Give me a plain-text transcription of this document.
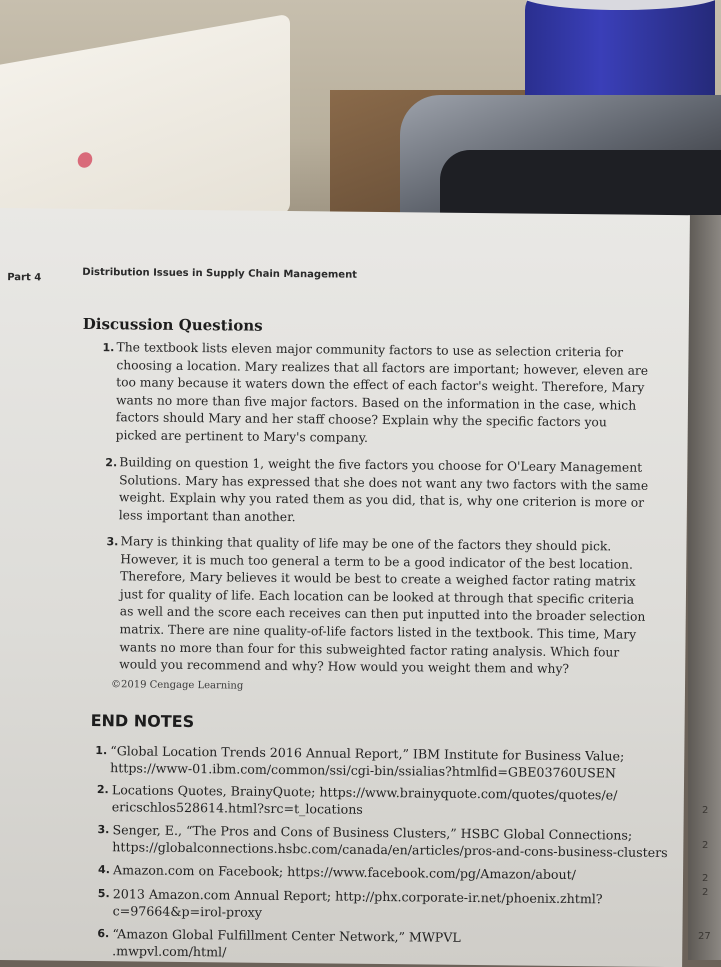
2
2
2
2
27
Part 4	Distribution Issues in Supply Chain Management
Discussion Questions
1. The textbook lists eleven major community factors to use as selection criteria for
choosing a location. Mary realizes that all factors are important; however, eleven are
too many because it waters down the effect of each factor's weight. Therefore, Mary
wants no more than five major factors. Based on the information in the case, which
factors should Mary and her staff choose? Explain why the specific factors you
picked are pertinent to Mary's company.
2. Building on question 1, weight the five factors you choose for O'Leary Management
Solutions. Mary has expressed that she does not want any two factors with the same
weight. Explain why you rated them as you did, that is, why one criterion is more or
less important than another.
3. Mary is thinking that quality of life may be one of the factors they should pick.
However, it is much too general a term to be a good indicator of the best location.
Therefore, Mary believes it would be best to create a weighed factor rating matrix
just for quality of life. Each location can be looked at through that specific criteria
as well and the score each receives can then put inputted into the broader selection
matrix. There are nine quality-of-life factors listed in the textbook. This time, Mary
wants no more than four for this subweighted factor rating analysis. Which four
would you recommend and why? How would you weight them and why?
©2019 Cengage Learning
END NOTES
1. “Global Location Trends 2016 Annual Report,” IBM Institute for Business Value;
https://www-01.ibm.com/common/ssi/cgi-bin/ssialias?htmlfid=GBE03760USEN
2. Locations Quotes, BrainyQuote; https://www.brainyquote.com/quotes/quotes/e/
ericschlos528614.html?src=t_locations
3. Senger, E., “The Pros and Cons of Business Clusters,” HSBC Global Connections;
https://globalconnections.hsbc.com/canada/en/articles/pros-and-cons-business-clusters
4. Amazon.com on Facebook; https://www.facebook.com/pg/Amazon/about/
5. 2013 Amazon.com Annual Report; http://phx.corporate-ir.net/phoenix.zhtml?
c=97664&p=irol-proxy
6. “Amazon Global Fulfillment Center Network,” MWPVL
.mwpvl.com/html/
